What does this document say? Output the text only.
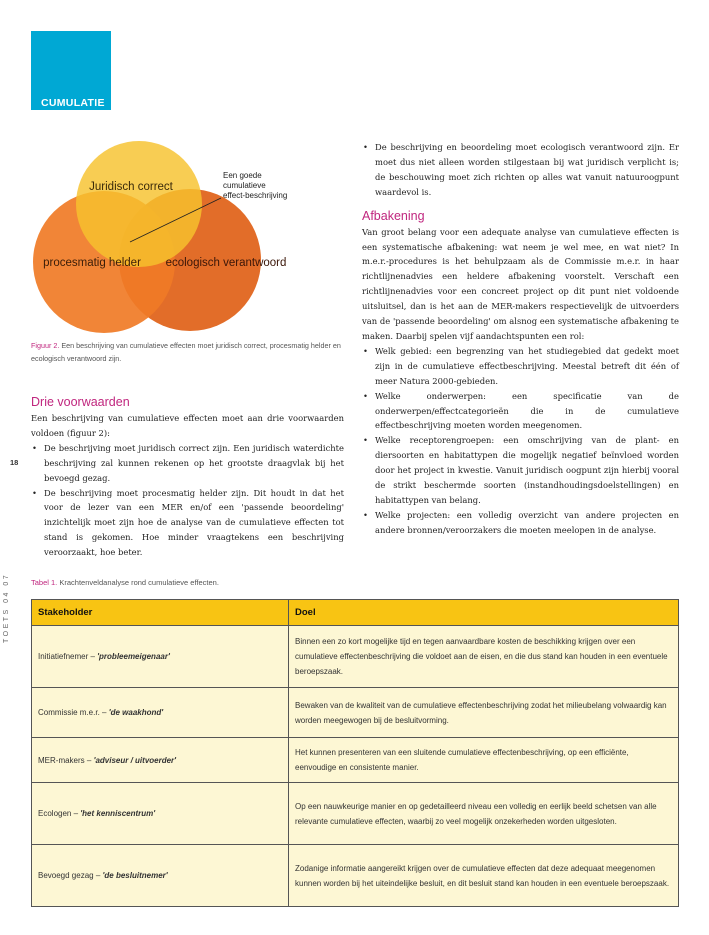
CUMULATIE
Juridisch correct
procesmatig helder ecologisch verantwoord
Een goede
cumulatieve
effect-beschrijving
Figuur 2. Een beschrijving van cumulatieve effecten moet juridisch correct, procesmatig helder en ecologisch verantwoord zijn.
18
TOETS 04 07
Drie voorwaarden

Een beschrijving van cumulatieve effecten moet aan drie voorwaarden voldoen (figuur 2):

• De beschrijving moet juridisch correct zijn. Een juridisch waterdichte beschrijving zal kunnen rekenen op het grootste draagvlak bij het bevoegd gezag.
• De beschrijving moet procesmatig helder zijn. Dit houdt in dat het voor de lezer van een MER en/of een 'passende beoordeling' inzichtelijk moet zijn hoe de analyse van de cumulatieve effecten tot stand is gekomen. Hoe minder vraagtekens een beschrijving veroorzaakt, hoe beter.
• De beschrijving en beoordeling moet ecologisch verantwoord zijn. Er moet dus niet alleen worden stilgestaan bij wat juridisch verplicht is; de beschouwing moet zich richten op alles wat vanuit natuuroogpunt waardevol is.
Afbakening

Van groot belang voor een adequate analyse van cumulatieve effecten is een systematische afbakening: wat neem je wel mee, en wat niet? In m.e.r.-procedures is het behulpzaam als de Commissie m.e.r. in haar richtlijnenadvies een heldere afbakening voorstelt. Verschaft een richtlijnenadvies voor een concreet project op dit punt niet voldoende uitsluitsel, dan is het aan de MER-makers respectievelijk de uitvoerders van de 'passende beoordeling' om alsnog een systematische afbakening te maken. Daarbij spelen vijf aandachtspunten een rol:

• Welk gebied: een begrenzing van het studiegebied dat gedekt moet zijn in de cumulatieve effectbeschrijving. Meestal betreft dit één of meer Natura 2000-gebieden.
• Welke onderwerpen: een specificatie van de onderwerpen/effectcategorieën die in de cumulatieve effectbeschrijving moeten worden meegenomen.
• Welke receptorengroepen: een omschrijving van de plant- en diersoorten en habitattypen die mogelijk negatief beïnvloed worden door het project in kwestie. Vanuit juridisch oogpunt zijn hierbij vooral de strikt beschermde soorten (instandhoudingsdoelstellingen) en habitattypen van belang.
• Welke projecten: een volledig overzicht van andere projecten en andere bronnen/veroorzakers die moeten meelopen in de analyse.
Tabel 1. Krachtenveldanalyse rond cumulatieve effecten.
Stakeholder	Doel
Initiatiefnemer – 'probleemeigenaar'	Binnen een zo kort mogelijke tijd en tegen aanvaardbare kosten de beschikking krijgen over een cumulatieve effectenbeschrijving die voldoet aan de eisen, en die dus stand kan houden in een eventuele beroepszaak.
Commissie m.e.r. – 'de waakhond'	Bewaken van de kwaliteit van de cumulatieve effectenbeschrijving zodat het milieubelang volwaardig kan worden meegewogen bij de besluitvorming.
MER-makers – 'adviseur / uitvoerder'	Het kunnen presenteren van een sluitende cumulatieve effectenbeschrijving, op een efficiënte, eenvoudige en consistente manier.
Ecologen – 'het kenniscentrum'	Op een nauwkeurige manier en op gedetailleerd niveau een volledig en eerlijk beeld schetsen van alle relevante cumulatieve effecten, waarbij zo veel mogelijk onzekerheden worden uitgesloten.
Bevoegd gezag – 'de besluitnemer'	Zodanige informatie aangereikt krijgen over de cumulatieve effecten dat deze adequaat meegenomen kunnen worden bij het uiteindelijke besluit, en dit besluit stand kan houden in een eventuele beroepszaak.
